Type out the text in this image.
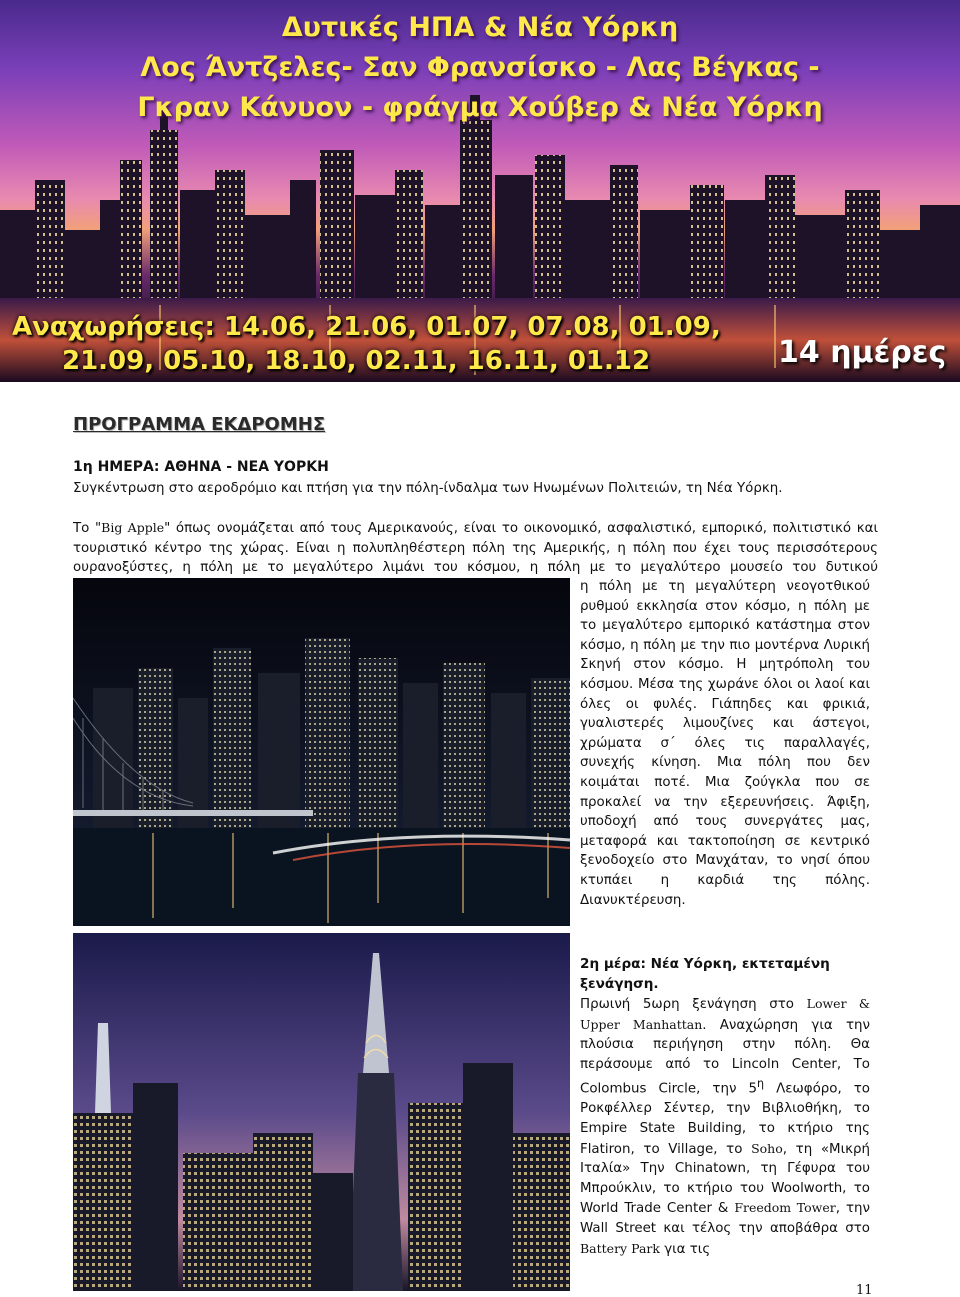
Δυτικές ΗΠΑ & Νέα Υόρκη
Λος Άντζελες- Σαν Φρανσίσκο - Λας Βέγκας -
Γκραν Κάνυον - φράγμα Χούβερ & Νέα Υόρκη
Αναχωρήσεις: 14.06, 21.06, 01.07, 07.08, 01.09,
21.09, 05.10, 18.10, 02.11, 16.11, 01.12	14 ημέρες
ΠΡΟΓΡΑΜΜΑ ΕΚΔΡΟΜΗΣ
1η ΗΜΕΡΑ: ΑΘΗΝΑ - ΝΕΑ ΥΟΡΚΗ

Συγκέντρωση στο αεροδρόμιο και πτήση για την πόλη-ίνδαλμα των Ηνωμένων Πολιτειών, τη Νέα Υόρκη.

Το "Big Apple" όπως ονομάζεται από τους Αμερικανούς, είναι το οικονομικό, ασφαλιστικό, εμπορικό, πολιτιστικό και τουριστικό κέντρο της χώρας. Είναι η πολυπληθέστερη πόλη της Αμερικής, η πόλη που έχει τους περισσότερους ουρανοξύστες, η πόλη με το μεγαλύτερο λιμάνι του κόσμου, η πόλη με το μεγαλύτερο μουσείο του δυτικού

η πόλη με τη μεγαλύτερη νεογοτθικού ρυθμού εκκλησία στον κόσμο, η πόλη με το μεγαλύτερο εμπορικό κατάστημα στον κόσμο, η πόλη με την πιο μοντέρνα Λυρική Σκηνή στον κόσμο. Η μητρόπολη του κόσμου. Μέσα της χωράνε όλοι οι λαοί και όλες οι φυλές. Γιάπηδες και φρικιά, γυαλιστερές λιμουζίνες και άστεγοι, χρώματα σ΄ όλες τις παραλλαγές, συνεχής κίνηση. Μια πόλη που δεν κοιμάται ποτέ. Μια ζούγκλα που σε προκαλεί να την εξερευνήσεις. Άφιξη, υποδοχή από τους συνεργάτες μας, μεταφορά και τακτοποίηση σε κεντρικό ξενοδοχείο στο Μανχάταν, το νησί όπου κτυπάει η καρδιά της πόλης. Διανυκτέρευση.

2η μέρα: Νέα Υόρκη, εκτεταμένη ξενάγηση.

Πρωινή 5ωρη ξενάγηση στο Lower & Upper Manhattan. Αναχώρηση για την πλούσια περιήγηση στην πόλη. Θα περάσουμε από το Lincoln Center, Το Colombus Circle, την $5^\eta$ Λεωφόρο, το Ροκφέλλερ Σέντερ, την Βιβλιοθήκη, το Empire State Building, το κτήριο της Flatiron, το Village, το Soho, τη «Μικρή Ιταλία» Την Chinatown, τη Γέφυρα του Μπρούκλιν, το κτήριο του Woolworth, το World Trade Center & Freedom Tower, την Wall Street και τέλος την αποβάθρα στο Battery Park για τις

11
